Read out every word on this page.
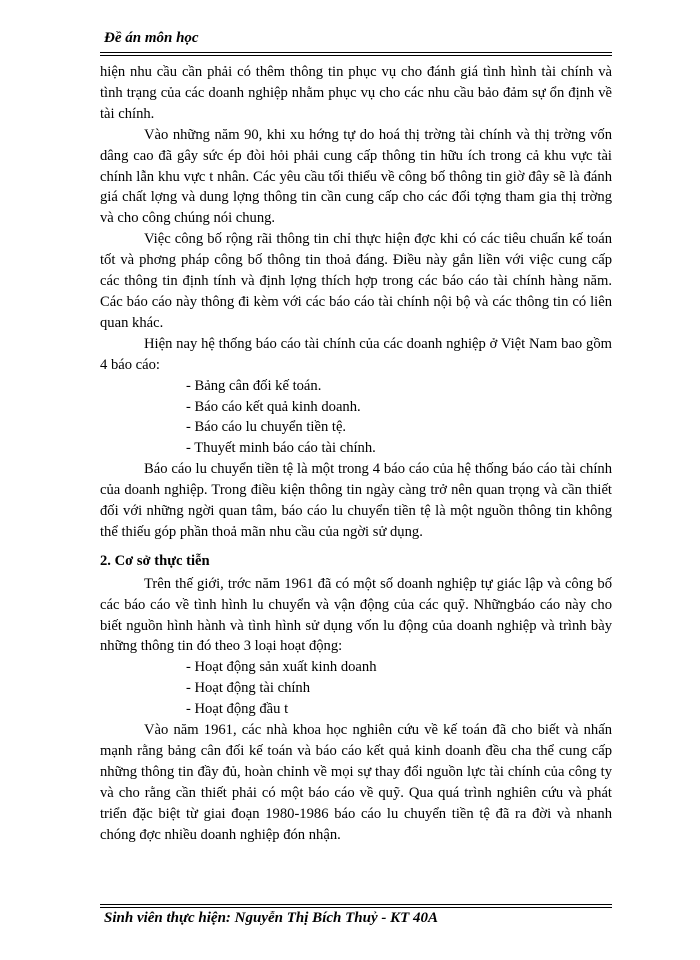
Đề án môn học

hiện nhu cầu cần phải có thêm thông tin phục vụ cho đánh giá tình hình tài chính và tình trạng của các doanh nghiệp nhằm phục vụ cho các nhu cầu bảo đảm sự ổn định về tài chính.

Vào những năm 90, khi xu hớng tự do hoá thị trờng tài chính và thị trờng vốn dâng cao đã gây sức ép đòi hỏi phải cung cấp thông tin hữu ích trong cả khu vực tài chính lẫn khu vực t nhân. Các yêu cầu tối thiểu về công bố thông tin giờ đây sẽ là đánh giá chất lợng và dung lợng thông tin cần cung cấp cho các đối tợng tham gia thị trờng và cho công chúng nói chung.

Việc công bố rộng rãi thông tin chỉ thực hiện đợc khi có các tiêu chuẩn kế toán tốt và phơng pháp công bố thông tin thoả đáng. Điều này gắn liền với việc cung cấp các thông tin định tính và định lợng thích hợp trong các báo cáo tài chính hàng năm. Các báo cáo này thông đi kèm với các báo cáo tài chính nội bộ và các thông tin có liên quan khác.

Hiện nay hệ thống báo cáo tài chính của các doanh nghiệp ở Việt Nam bao gồm 4 báo cáo:

- Bảng cân đối kế toán.

- Báo cáo kết quả kinh doanh.

- Báo cáo lu chuyển tiền tệ.

- Thuyết minh báo cáo tài chính.

Báo cáo lu chuyển tiền tệ là một trong 4 báo cáo của hệ thống báo cáo tài chính của doanh nghiệp. Trong điều kiện thông tin ngày càng trở nên quan trọng và cần thiết đối với những ngời quan tâm, báo cáo lu chuyển tiền tệ là một nguồn thông tin không thể thiếu góp phần thoả mãn nhu cầu của ngời sử dụng.

2. Cơ sở thực tiễn

Trên thế giới, trớc năm 1961 đã có một số doanh nghiệp tự giác lập và công bố các báo cáo về tình hình lu chuyển và vận động của các quỹ. Nhữngbáo cáo này cho biết nguồn hình hành và tình hình sử dụng vốn lu động của doanh nghiệp và trình bày những thông tin đó theo 3 loại hoạt động:

- Hoạt động sản xuất kinh doanh

- Hoạt động tài chính

- Hoạt động đầu t

Vào năm 1961, các nhà khoa học nghiên cứu về kế toán đã cho biết và nhấn mạnh rằng bảng cân đối kế toán và báo cáo kết quả kinh doanh đều cha thể cung cấp những thông tin đầy đủ, hoàn chỉnh về mọi sự thay đổi nguồn lực tài chính của công ty và cho rằng cần thiết phải có một báo cáo về quỹ. Qua quá trình nghiên cứu và phát triển đặc biệt từ giai đoạn 1980-1986 báo cáo lu chuyển tiền tệ đã ra đời và nhanh chóng đợc nhiều doanh nghiệp đón nhận.

Sinh viên thực hiện: Nguyễn Thị Bích Thuỷ - KT 40A
